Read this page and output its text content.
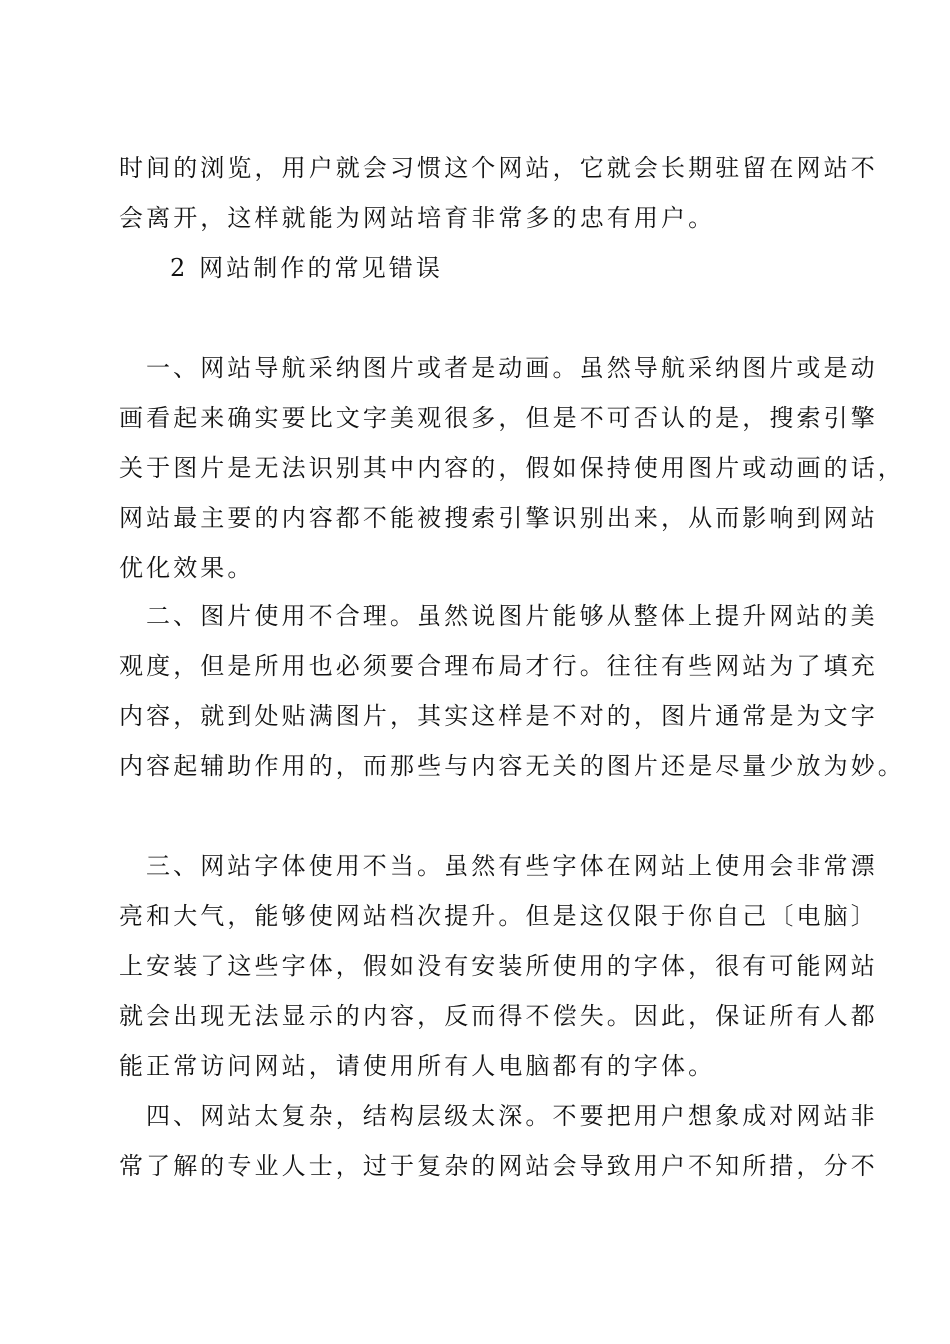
时间的浏览，用户就会习惯这个网站，它就会长期驻留在网站不
会离开，这样就能为网站培育非常多的忠有用户。
2 网站制作的常见错误
一、网站导航采纳图片或者是动画。虽然导航采纳图片或是动
画看起来确实要比文字美观很多，但是不可否认的是，搜索引擎
关于图片是无法识别其中内容的，假如保持使用图片或动画的话，
网站最主要的内容都不能被搜索引擎识别出来，从而影响到网站
优化效果。
二、图片使用不合理。虽然说图片能够从整体上提升网站的美
观度，但是所用也必须要合理布局才行。往往有些网站为了填充
内容，就到处贴满图片，其实这样是不对的，图片通常是为文字
内容起辅助作用的，而那些与内容无关的图片还是尽量少放为妙。
三、网站字体使用不当。虽然有些字体在网站上使用会非常漂
亮和大气，能够使网站档次提升。但是这仅限于你自己〔电脑〕
上安装了这些字体，假如没有安装所使用的字体，很有可能网站
就会出现无法显示的内容，反而得不偿失。因此，保证所有人都
能正常访问网站，请使用所有人电脑都有的字体。
四、网站太复杂，结构层级太深。不要把用户想象成对网站非
常了解的专业人士，过于复杂的网站会导致用户不知所措，分不
